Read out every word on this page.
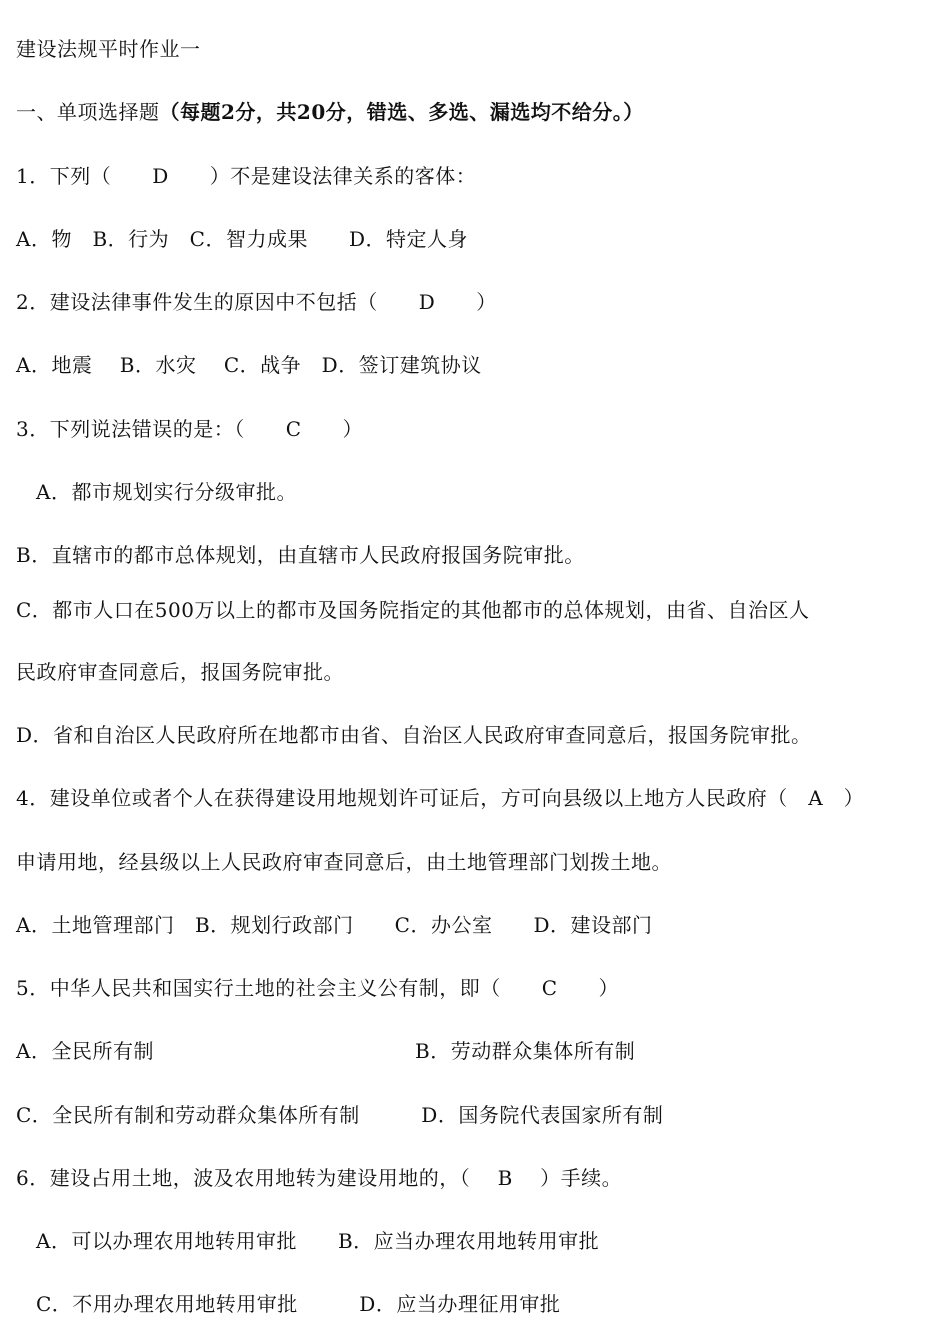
建设法规平时作业一
一、单项选择题（每题2分，共20分，错选、多选、漏选均不给分。）
1．下列（　　D　　）不是建设法律关系的客体：
A．物　B．行为　C．智力成果　　D．特定人身
2．建设法律事件发生的原因中不包括（　　D　　）
A．地震　 B．水灾　 C．战争　D．签订建筑协议
3．下列说法错误的是：（　　C　　）
A．都市规划实行分级审批。
B．直辖市的都市总体规划，由直辖市人民政府报国务院审批。
C．都市人口在500万以上的都市及国务院指定的其他都市的总体规划，由省、自治区人
民政府审查同意后，报国务院审批。
D．省和自治区人民政府所在地都市由省、自治区人民政府审查同意后，报国务院审批。
4．建设单位或者个人在获得建设用地规划许可证后，方可向县级以上地方人民政府（　A　）
申请用地，经县级以上人民政府审查同意后，由土地管理部门划拨土地。
A．土地管理部门　B．规划行政部门　　C．办公室　　D．建设部门
5．中华人民共和国实行土地的社会主义公有制，即（　　C　　）
A．全民所有制	B．劳动群众集体所有制
C．全民所有制和劳动群众集体所有制　　　D．国务院代表国家所有制
6．建设占用土地，波及农用地转为建设用地的，（　 B　 ）手续。
A．可以办理农用地转用审批　　B．应当办理农用地转用审批
C．不用办理农用地转用审批　　　D．应当办理征用审批
